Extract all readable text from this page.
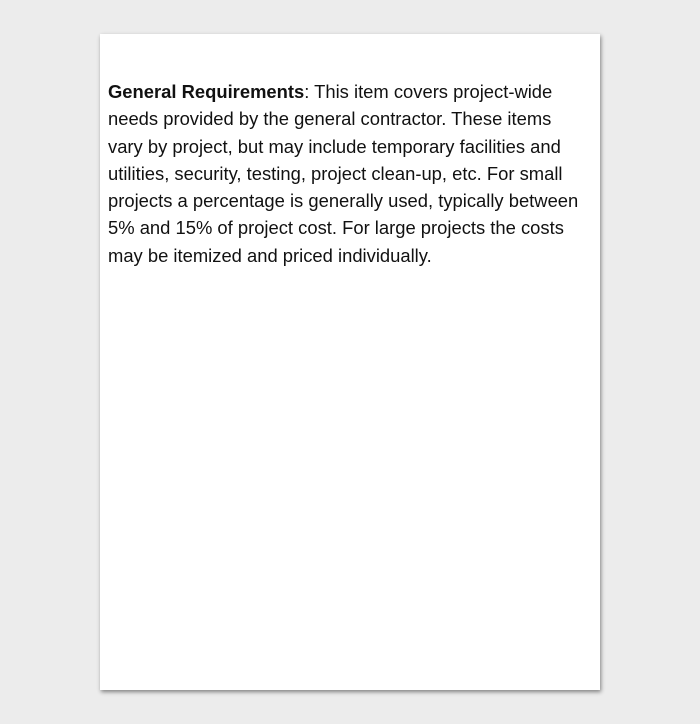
General Requirements: This item covers project-wide
needs provided by the general contractor. These items
vary by project, but may include temporary facilities and
utilities, security, testing, project clean-up, etc. For small
projects a percentage is generally used, typically between
5% and 15% of project cost. For large projects the costs
may be itemized and priced individually.
